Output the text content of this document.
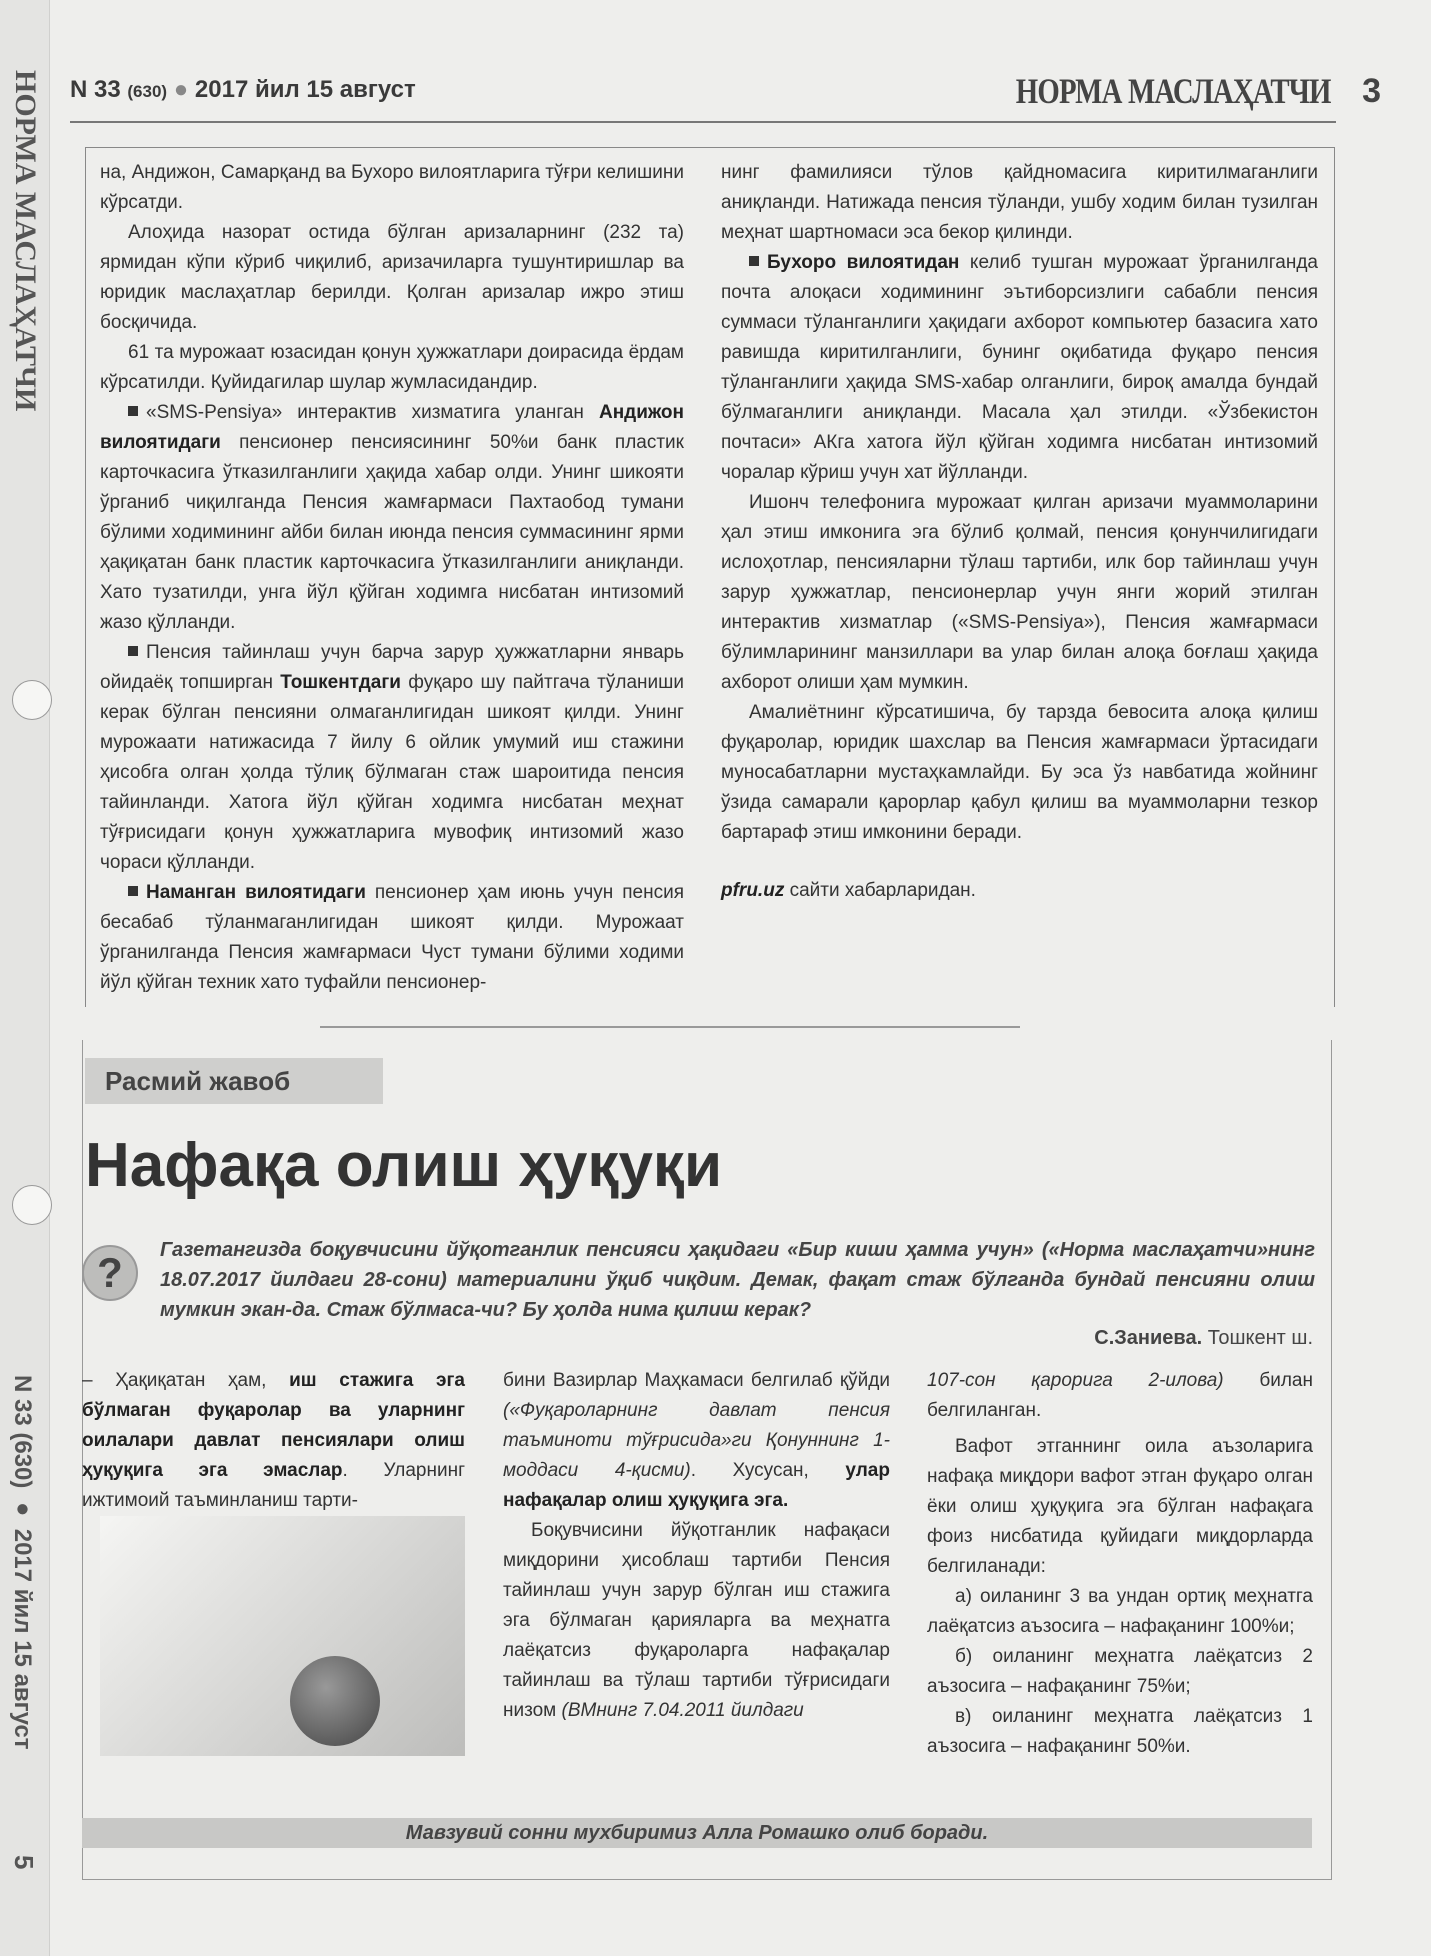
НОРМА МАСЛАҲАТЧИ
N 33 (630) ● 2017 йил 15 август
5
N 33 (630) ● 2017 йил 15 август	НОРМА МАСЛАҲАТЧИ 3

на, Андижон, Самарқанд ва Бухоро вилоятларига тўғри келишини кўрсатди.

Алоҳида назорат остида бўлган аризаларнинг (232 та) ярмидан кўпи кўриб чиқилиб, аризачиларга тушунтиришлар ва юридик маслаҳатлар берилди. Қолган аризалар ижро этиш босқичида.

61 та мурожаат юзасидан қонун ҳужжатлари доирасида ёрдам кўрсатилди. Қуйидагилар шулар жумласидандир.

«SMS-Pensiya» интерактив хизматига уланган Андижон вилоятидаги пенсионер пенсиясининг 50%и банк пластик карточкасига ўтказилганлиги ҳақида хабар олди. Унинг шикояти ўрганиб чиқилганда Пенсия жамғармаси Пахтаобод тумани бўлими ходимининг айби билан июнда пенсия суммасининг ярми ҳақиқатан банк пластик карточкасига ўтказилганлиги аниқланди. Хато тузатилди, унга йўл қўйган ходимга нисбатан интизомий жазо қўлланди.

Пенсия тайинлаш учун барча зарур ҳужжатларни январь ойидаёқ топширган Тошкентдаги фуқаро шу пайтгача тўланиши керак бўлган пенсияни олмаганлигидан шикоят қилди. Унинг мурожаати натижасида 7 йилу 6 ойлик умумий иш стажини ҳисобга олган ҳолда тўлиқ бўлмаган стаж шароитида пенсия тайинланди. Хатога йўл қўйган ходимга нисбатан меҳнат тўғрисидаги қонун ҳужжатларига мувофиқ интизомий жазо чораси қўлланди.

Наманган вилоятидаги пенсионер ҳам июнь учун пенсия бесабаб тўланмаганлигидан шикоят қилди. Мурожаат ўрганилганда Пенсия жамғармаси Чуст тумани бўлими ходими йўл қўйган техник хато туфайли пенсионер-

нинг фамилияси тўлов қайдномасига киритилмаганлиги аниқланди. Натижада пенсия тўланди, ушбу ходим билан тузилган меҳнат шартномаси эса бекор қилинди.

Бухоро вилоятидан келиб тушган мурожаат ўрганилганда почта алоқаси ходимининг эътиборсизлиги сабабли пенсия суммаси тўланганлиги ҳақидаги ахборот компьютер базасига хато равишда киритилганлиги, бунинг оқибатида фуқаро пенсия тўланганлиги ҳақида SMS-хабар олганлиги, бироқ амалда бундай бўлмаганлиги аниқланди. Масала ҳал этилди. «Ўзбекистон почтаси» АКга хатога йўл қўйган ходимга нисбатан интизомий чоралар кўриш учун хат йўлланди.

Ишонч телефонига мурожаат қилган аризачи муаммоларини ҳал этиш имконига эга бўлиб қолмай, пенсия қонунчилигидаги ислоҳотлар, пенсияларни тўлаш тартиби, илк бор тайинлаш учун зарур ҳужжатлар, пенсионерлар учун янги жорий этилган интерактив хизматлар («SMS-Pensiya»), Пенсия жамғармаси бўлимларининг манзиллари ва улар билан алоқа боғлаш ҳақида ахборот олиши ҳам мумкин.

Амалиётнинг кўрсатишича, бу тарзда бевосита алоқа қилиш фуқаролар, юридик шахслар ва Пенсия жамғармаси ўртасидаги муносабатларни мустаҳкамлайди. Бу эса ўз навбатида жойнинг ўзида самарали қарорлар қабул қилиш ва муаммоларни тезкор бартараф этиш имконини беради.

pfru.uz сайти хабарларидан.

Расмий жавоб
Нафақа олиш ҳуқуқи
?	Газетангизда боқувчисини йўқотганлик пенсияси ҳақидаги «Бир киши ҳамма учун» («Норма маслаҳатчи»нинг 18.07.2017 йилдаги 28-сони) материалини ўқиб чиқдим. Демак, фақат стаж бўлганда бундай пенсияни олиш мумкин экан-да. Стаж бўлмаса-чи? Бу ҳолда нима қилиш керак?
С.Заниева. Тошкент ш.

– Ҳақиқатан ҳам, иш стажига эга бўлмаган фуқаролар ва уларнинг оилалари давлат пенсиялари олиш ҳуқуқига эга эмаслар. Уларнинг ижтимоий таъминланиш тарти-

бини Вазирлар Маҳкамаси белгилаб қўйди («Фуқароларнинг давлат пенсия таъминоти тўғрисида»ги Қонуннинг 1-моддаси 4-қисми). Хусусан, улар нафақалар олиш ҳуқуқига эга.

Боқувчисини йўқотганлик нафақаси миқдорини ҳисоблаш тартиби Пенсия тайинлаш учун зарур бўлган иш стажига эга бўлмаган қарияларга ва меҳнатга лаёқатсиз фуқароларга нафақалар тайинлаш ва тўлаш тартиби тўғрисидаги низом (ВМнинг 7.04.2011 йилдаги

107-сон қарорига 2-илова) билан белгиланган.

Вафот этганнинг оила аъзоларига нафақа миқдори вафот этган фуқаро олган ёки олиш ҳуқуқига эга бўлган нафақага фоиз нисбатида қуйидаги миқдорларда белгиланади:

а) оиланинг 3 ва ундан ортиқ меҳнатга лаёқатсиз аъзосига – нафақанинг 100%и;

б) оиланинг меҳнатга лаёқатсиз 2 аъзосига – нафақанинг 75%и;

в) оиланинг меҳнатга лаёқатсиз 1 аъзосига – нафақанинг 50%и.

Мавзувий сонни мухбиримиз Алла Ромашко олиб боради.
